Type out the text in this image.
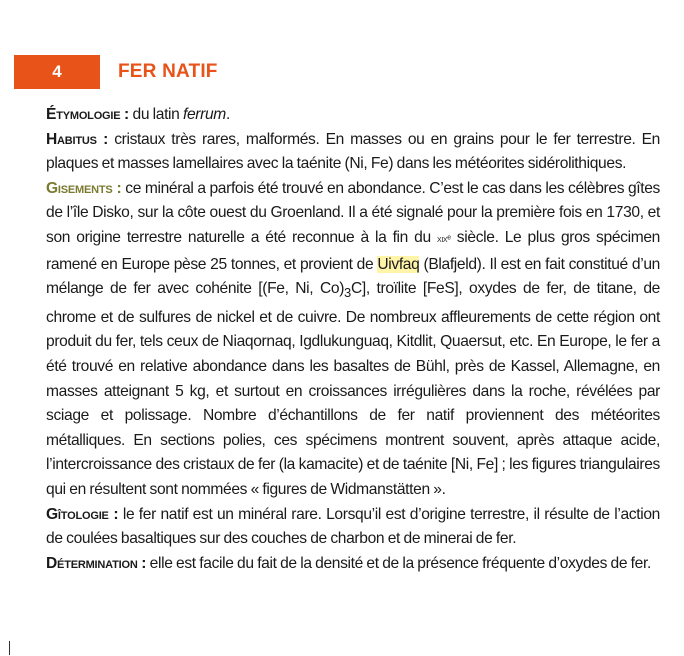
4	FER NATIF

Étymologie : du latin ferrum.

Habitus : cristaux très rares, malformés. En masses ou en grains pour le fer terrestre. En plaques et masses lamellaires avec la taénite (Ni, Fe) dans les météorites sidérolithiques.

Gisements : ce minéral a parfois été trouvé en abondance. C’est le cas dans les célèbres gîtes de l’île Disko, sur la côte ouest du Groenland. Il a été signalé pour la première fois en 1730, et son origine terrestre naturelle a été reconnue à la fin du xixᵉ siècle. Le plus gros spécimen ramené en Europe pèse 25 tonnes, et provient de Uivfaq (Blafjeld). Il est en fait constitué d’un mélange de fer avec cohénite [(Fe, Ni, $Co)_3C$], troïlite [FeS], oxydes de fer, de titane, de chrome et de sulfures de nickel et de cuivre. De nombreux affleurements de cette région ont produit du fer, tels ceux de Niaqornaq, Igdlukunguaq, Kitdlit, Quaersut, etc. En Europe, le fer a été trouvé en relative abondance dans les basaltes de Bühl, près de Kassel, Allemagne, en masses atteignant 5 kg, et surtout en croissances irrégulières dans la roche, révélées par sciage et polissage. Nombre d’échantillons de fer natif proviennent des météorites métalliques. En sections polies, ces spécimens montrent souvent, après attaque acide, l’intercroissance des cristaux de fer (la kamacite) et de taénite [Ni, Fe] ; les figures triangulaires qui en résultent sont nommées « figures de Widmanstätten ».

Gîtologie : le fer natif est un minéral rare. Lorsqu’il est d’origine terrestre, il résulte de l’action de coulées basaltiques sur des couches de charbon et de minerai de fer.

Détermination : elle est facile du fait de la densité et de la présence fréquente d’oxydes de fer.
